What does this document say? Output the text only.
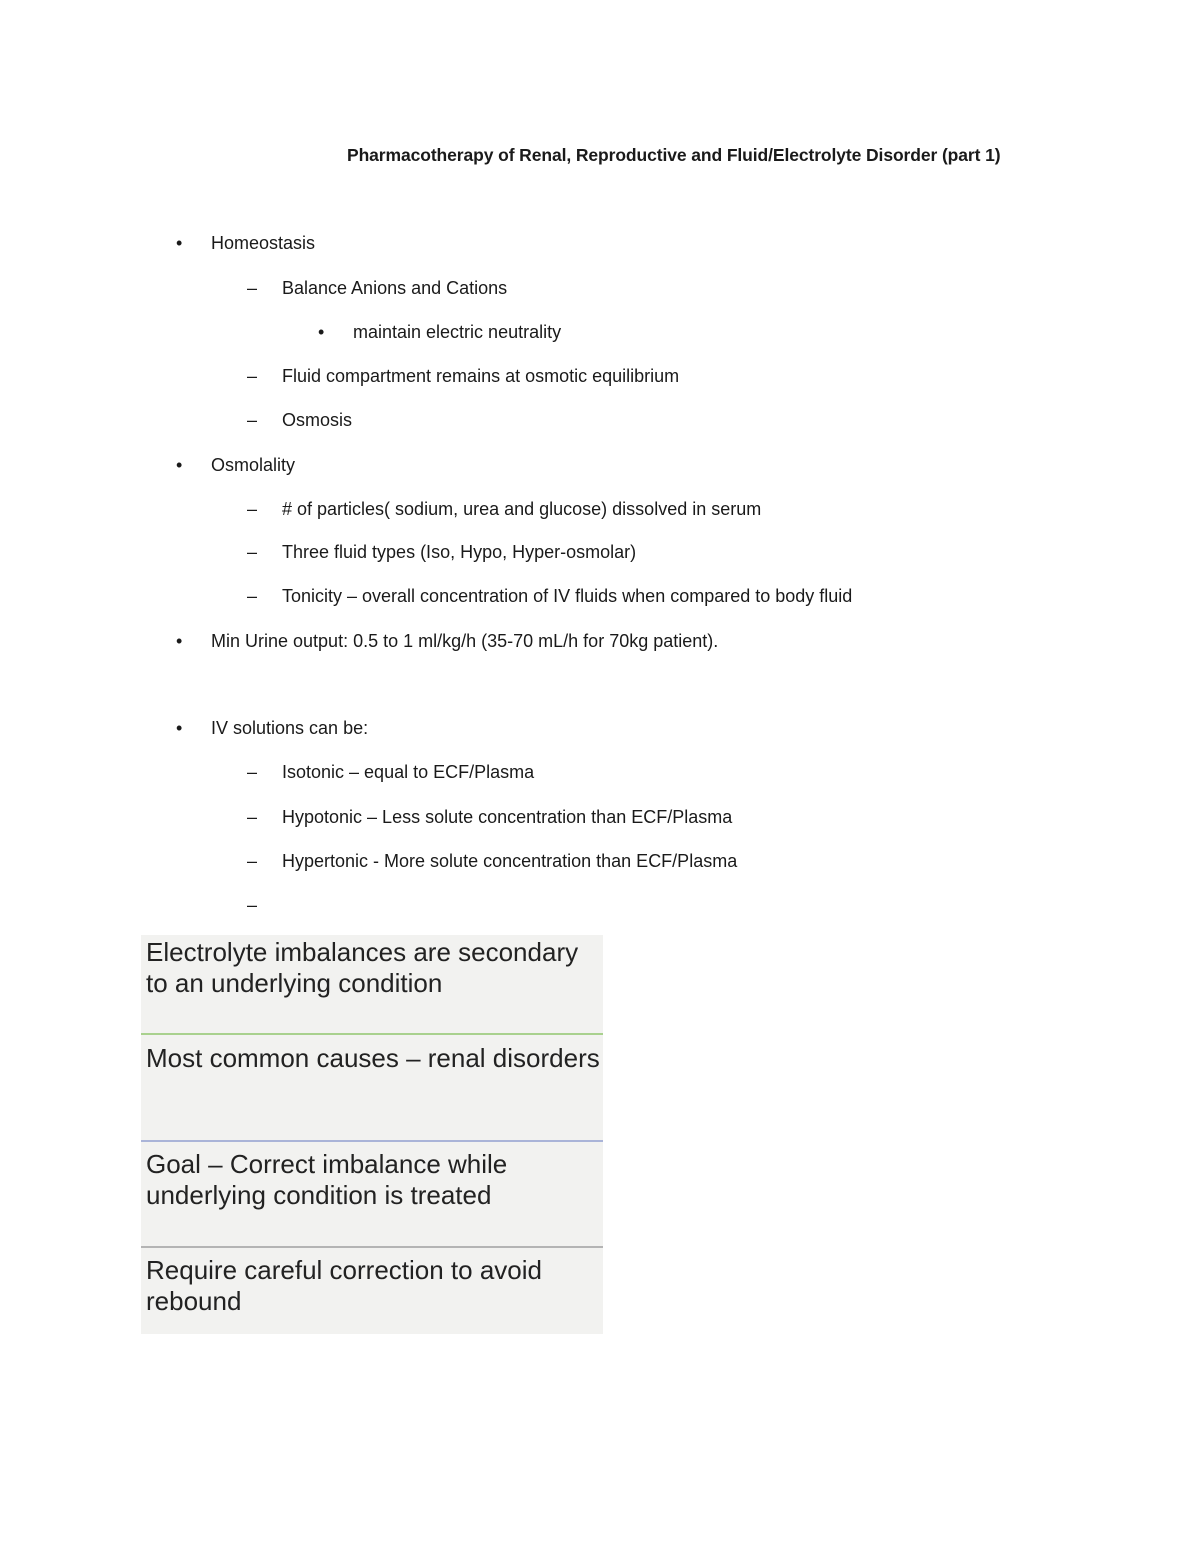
Pharmacotherapy of Renal, Reproductive and Fluid/Electrolyte Disorder (part 1)
• Homeostasis
– Balance Anions and Cations
• maintain electric neutrality
– Fluid compartment remains at osmotic equilibrium
– Osmosis
• Osmolality
– # of particles( sodium, urea and glucose) dissolved in serum
– Three fluid types (Iso, Hypo, Hyper-osmolar)
– Tonicity – overall concentration of IV fluids when compared to body fluid
• Min Urine output: 0.5 to 1 ml/kg/h (35-70 mL/h for 70kg patient).
• IV solutions can be:
– Isotonic – equal to ECF/Plasma
– Hypotonic – Less solute concentration than ECF/Plasma
– Hypertonic - More solute concentration than ECF/Plasma
–
Electrolyte imbalances are secondary to an underlying condition
Most common causes – renal disorders
Goal – Correct imbalance while underlying condition is treated
Require careful correction to avoid rebound
